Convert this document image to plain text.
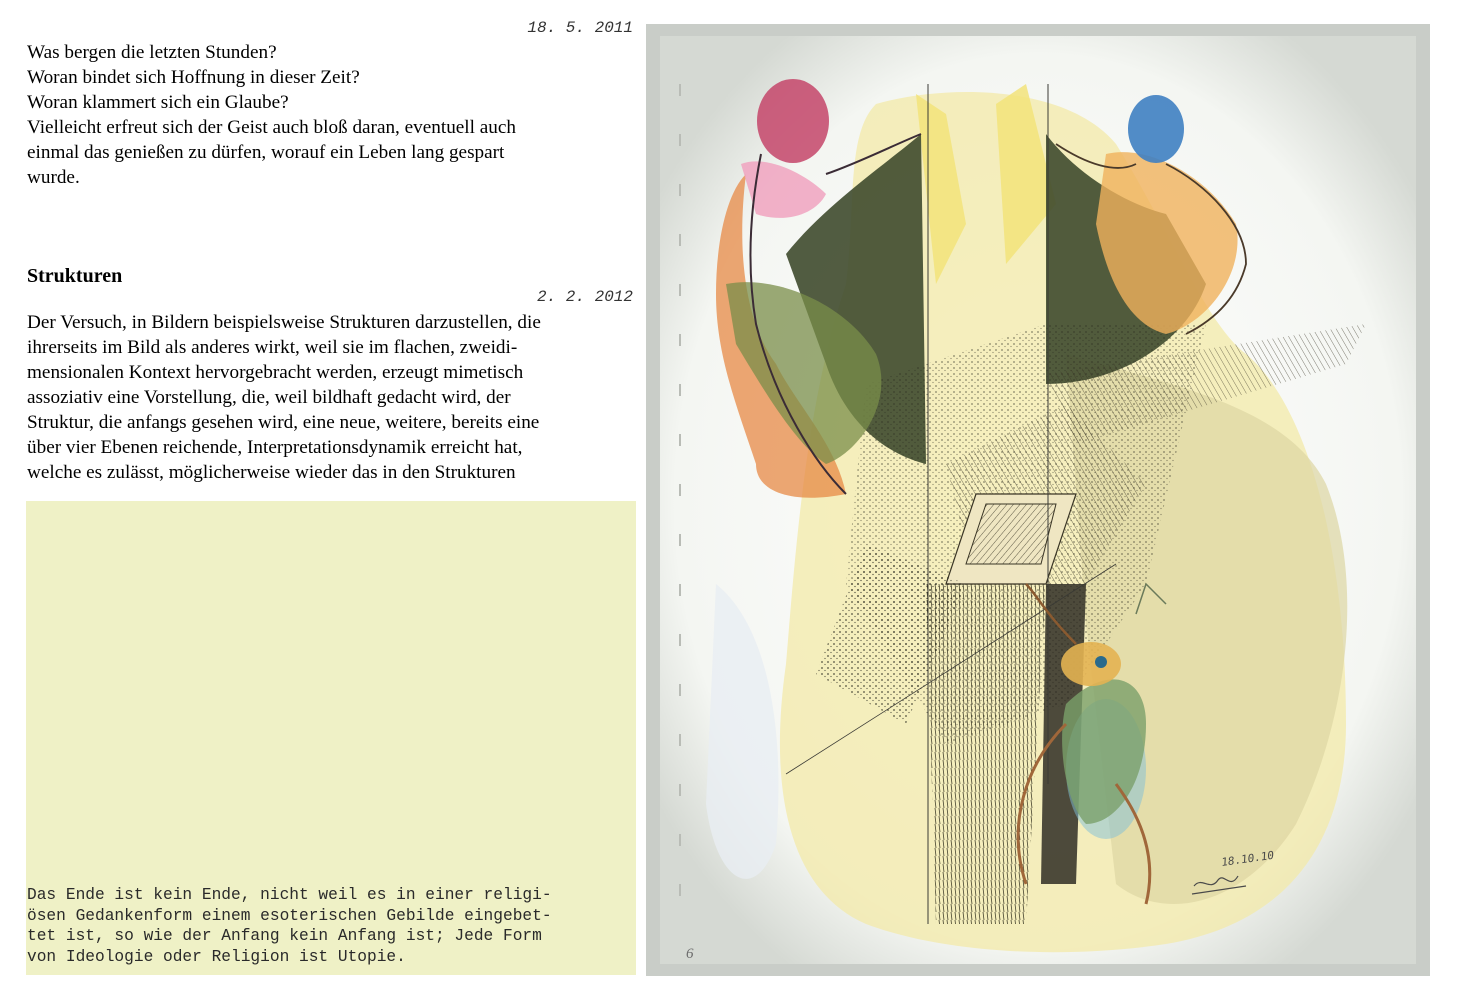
18. 5. 2011

Was bergen die letzten Stunden?
Woran bindet sich Hoffnung in dieser Zeit?
Woran klammert sich ein Glaube?
Vielleicht erfreut sich der Geist auch bloß daran, eventuell auch
einmal das genießen zu dürfen, worauf ein Leben lang gespart
wurde.
Strukturen

2. 2. 2012

Der Versuch, in Bildern beispielsweise Strukturen darzustellen, die
ihrerseits im Bild als anderes wirkt, weil sie im flachen, zweidi-
mensionalen Kontext hervorgebracht werden, erzeugt mimetisch
assoziativ eine Vorstellung, die, weil bildhaft gedacht wird, der
Struktur, die anfangs gesehen wird, eine neue, weitere, bereits eine
über vier Ebenen reichende, Interpretationsdynamik erreicht hat,
welche es zulässt, möglicherweise wieder das in den Strukturen
Das Ende ist kein Ende, nicht weil es in einer religi-
ösen Gedankenform einem esoterischen Gebilde eingebet-
tet ist, so wie der Anfang kein Anfang ist; Jede Form
von Ideologie oder Religion ist Utopie.
18.10.10

6
